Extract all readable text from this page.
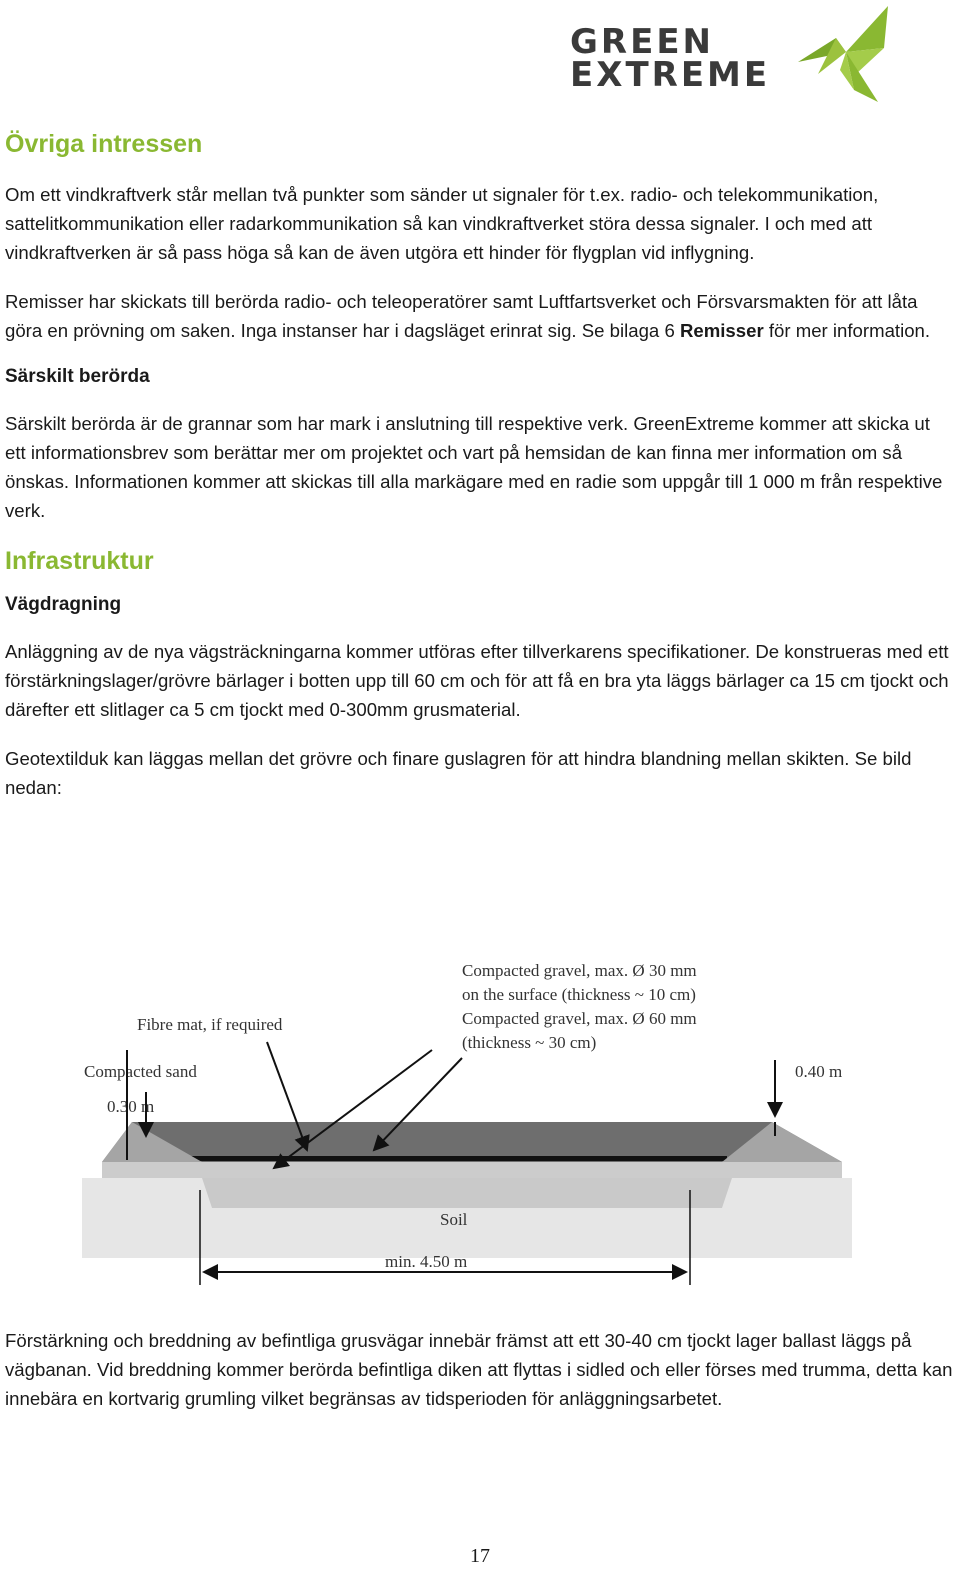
GREEN
EXTREME
Övriga intressen

Om ett vindkraftverk står mellan två punkter som sänder ut signaler för t.ex. radio- och telekommunikation, sattelitkommunikation eller radarkommunikation så kan vindkraftverket störa dessa signaler. I och med att vindkraftverken är så pass höga så kan de även utgöra ett hinder för flygplan vid inflygning.

Remisser har skickats till berörda radio- och teleoperatörer samt Luftfartsverket och Försvarsmakten för att låta göra en prövning om saken. Inga instanser har i dagsläget erinrat sig. Se bilaga 6 Remisser för mer information.

Särskilt berörda

Särskilt berörda är de grannar som har mark i anslutning till respektive verk. GreenExtreme kommer att skicka ut ett informationsbrev som berättar mer om projektet och vart på hemsidan de kan finna mer information om så önskas. Informationen kommer att skickas till alla markägare med en radie som uppgår till 1 000 m från respektive verk.

Infrastruktur
Vägdragning

Anläggning av de nya vägsträckningarna kommer utföras efter tillverkarens specifikationer. De konstrueras med ett förstärkningslager/grövre bärlager i botten upp till 60 cm och för att få en bra yta läggs bärlager ca 15 cm tjockt och därefter ett slitlager ca 5 cm tjockt med 0-300mm grusmaterial.

Geotextilduk kan läggas mellan det grövre och finare guslagren för att hindra blandning mellan skikten. Se bild nedan:

Compacted gravel, max. Ø 30 mm
on the surface (thickness ~ 10 cm)
Compacted gravel, max. Ø 60 mm
(thickness ~ 30 cm)
Fibre mat, if required
Compacted sand
0.30 m
0.40 m
Soil
min. 4.50 m

Förstärkning och breddning av befintliga grusvägar innebär främst att ett 30-40 cm tjockt lager ballast läggs på vägbanan. Vid breddning kommer berörda befintliga diken att flyttas i sidled och eller förses med trumma, detta kan innebära en kortvarig grumling vilket begränsas av tidsperioden för anläggningsarbetet.

17
